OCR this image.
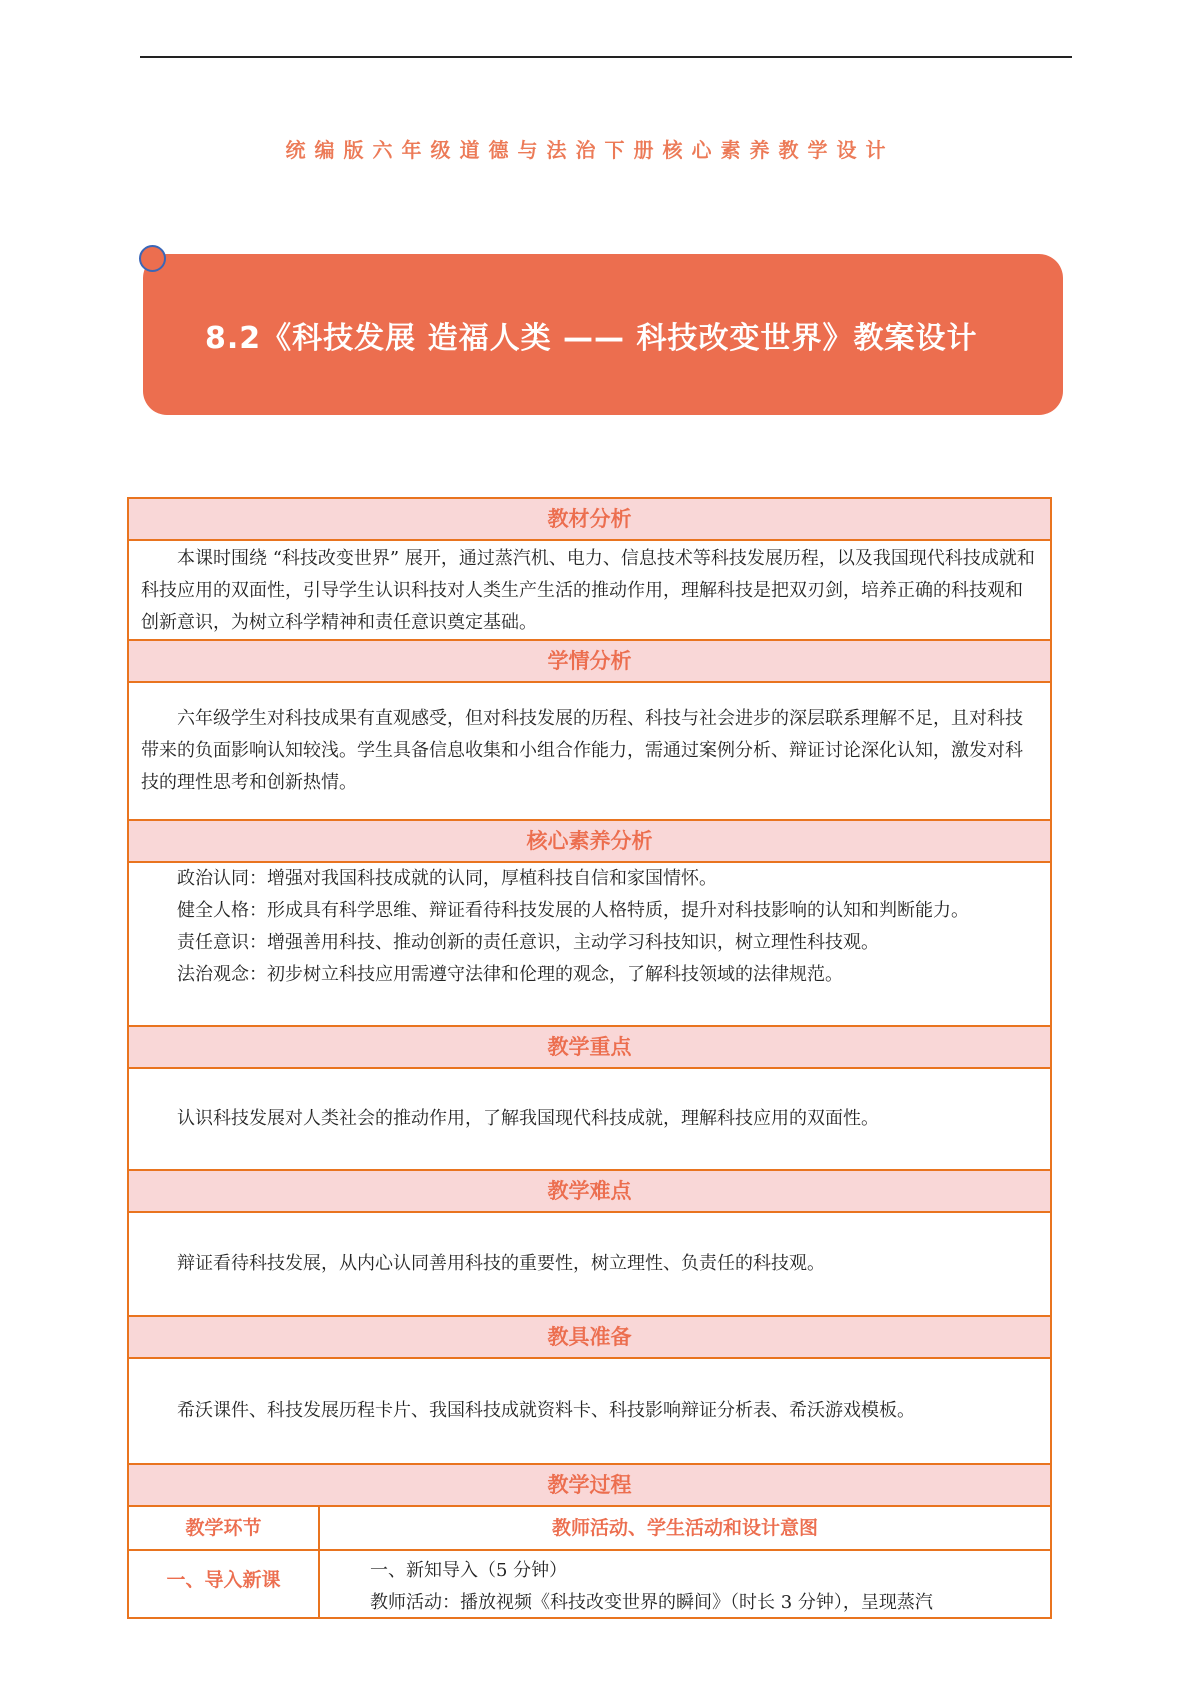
统编版六年级道德与法治下册核心素养教学设计
8.2《科技发展 造福人类 —— 科技改变世界》教案设计
教材分析

本课时围绕 “科技改变世界” 展开，通过蒸汽机、电力、信息技术等科技发展历程，以及我国现代科技成就和科技应用的双面性，引导学生认识科技对人类生产生活的推动作用，理解科技是把双刃剑，培养正确的科技观和创新意识，为树立科学精神和责任意识奠定基础。

学情分析

六年级学生对科技成果有直观感受，但对科技发展的历程、科技与社会进步的深层联系理解不足，且对科技带来的负面影响认知较浅。学生具备信息收集和小组合作能力，需通过案例分析、辩证讨论深化认知，激发对科技的理性思考和创新热情。

核心素养分析

政治认同：增强对我国科技成就的认同，厚植科技自信和家国情怀。

健全人格：形成具有科学思维、辩证看待科技发展的人格特质，提升对科技影响的认知和判断能力。

责任意识：增强善用科技、推动创新的责任意识，主动学习科技知识，树立理性科技观。

法治观念：初步树立科技应用需遵守法律和伦理的观念，了解科技领域的法律规范。

教学重点

认识科技发展对人类社会的推动作用，了解我国现代科技成就，理解科技应用的双面性。

教学难点

辩证看待科技发展，从内心认同善用科技的重要性，树立理性、负责任的科技观。

教具准备

希沃课件、科技发展历程卡片、我国科技成就资料卡、科技影响辩证分析表、希沃游戏模板。

教学过程
教学环节	教师活动、学生活动和设计意图
一、导入新课	一、新知导入（5 分钟）
教师活动：播放视频《科技改变世界的瞬间》（时长 3 分钟），呈现蒸汽
